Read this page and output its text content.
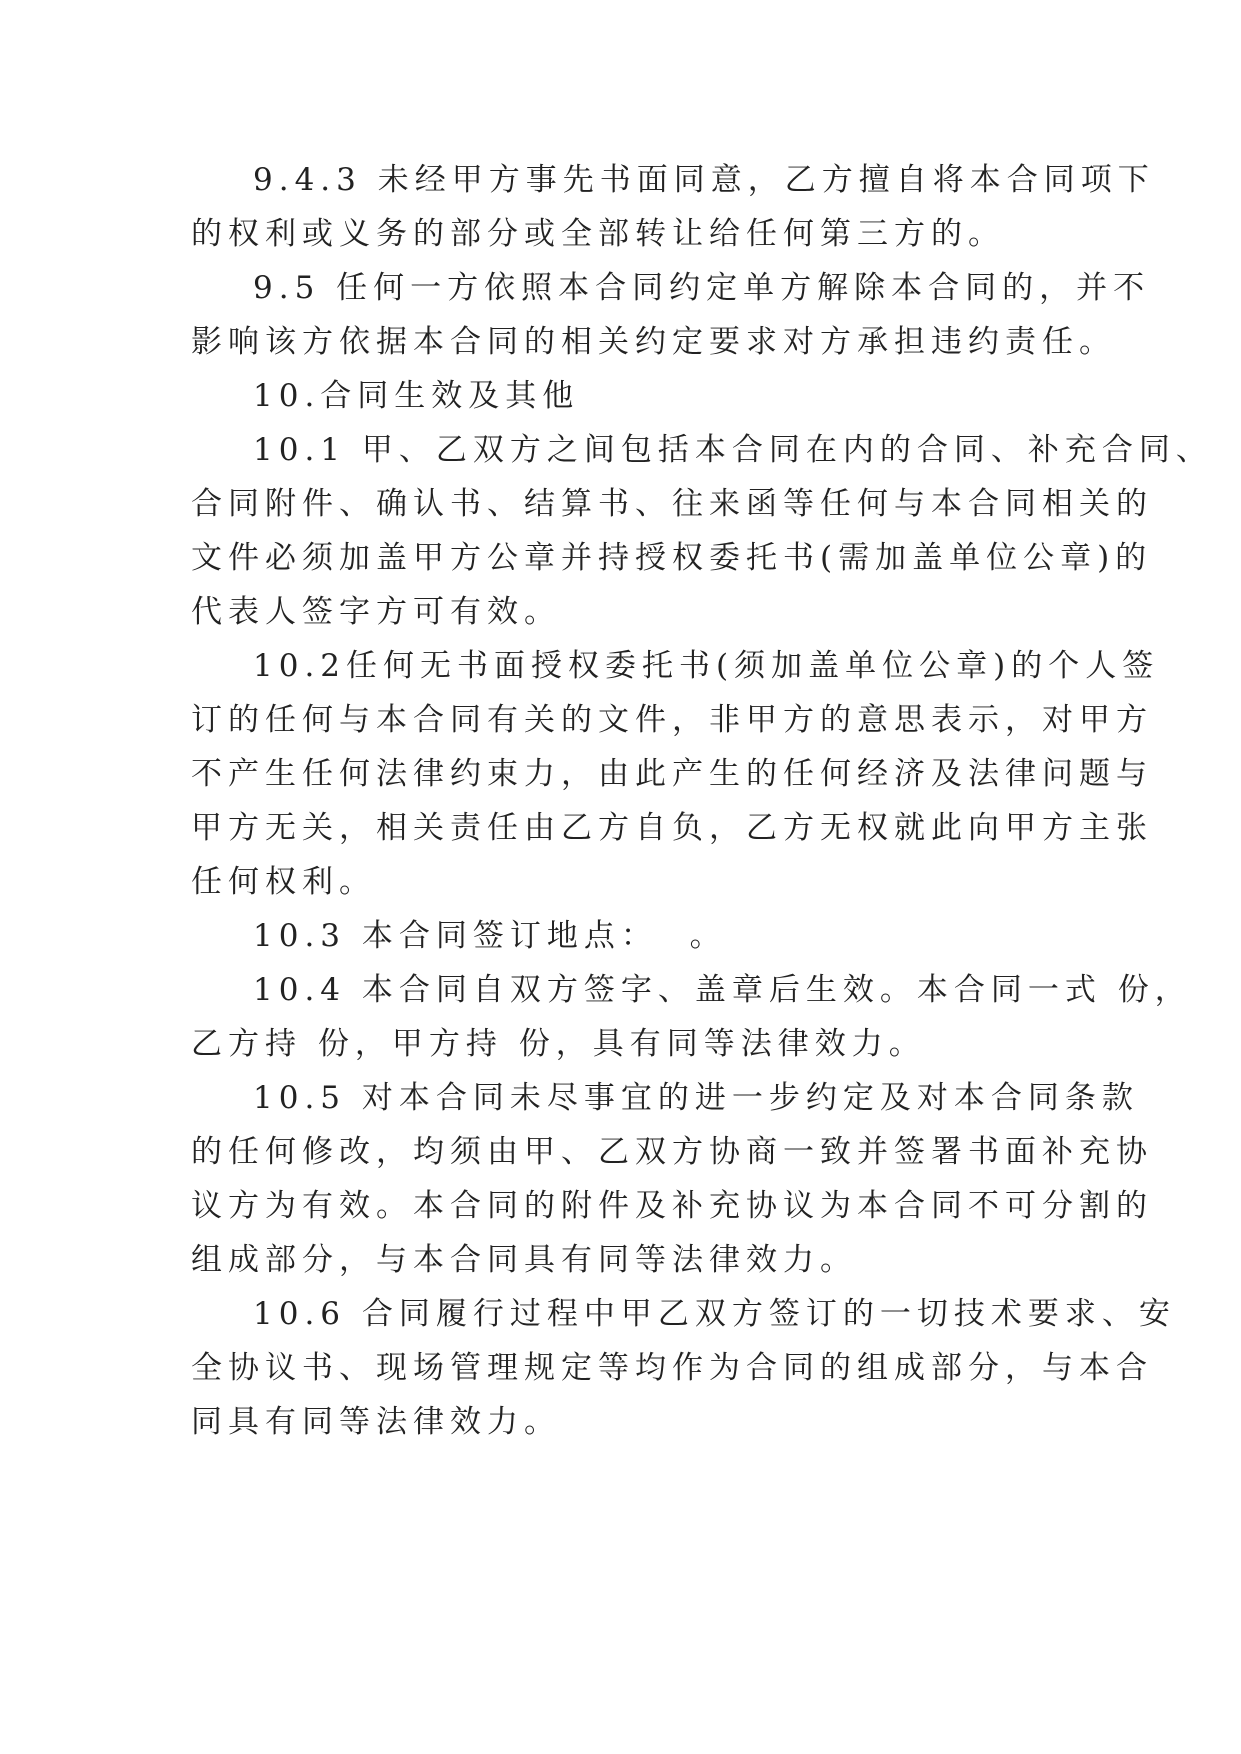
9.4.3 未经甲方事先书面同意，乙方擅自将本合同项下
的权利或义务的部分或全部转让给任何第三方的。
9.5 任何一方依照本合同约定单方解除本合同的，并不
影响该方依据本合同的相关约定要求对方承担违约责任。
10.合同生效及其他
10.1 甲、乙双方之间包括本合同在内的合同、补充合同、
合同附件、确认书、结算书、往来函等任何与本合同相关的
文件必须加盖甲方公章并持授权委托书(需加盖单位公章)的
代表人签字方可有效。
10.2任何无书面授权委托书(须加盖单位公章)的个人签
订的任何与本合同有关的文件，非甲方的意思表示，对甲方
不产生任何法律约束力，由此产生的任何经济及法律问题与
甲方无关，相关责任由乙方自负，乙方无权就此向甲方主张
任何权利。
10.3 本合同签订地点：  。
10.4 本合同自双方签字、盖章后生效。本合同一式 份，
乙方持 份，甲方持 份，具有同等法律效力。
10.5 对本合同未尽事宜的进一步约定及对本合同条款
的任何修改，均须由甲、乙双方协商一致并签署书面补充协
议方为有效。本合同的附件及补充协议为本合同不可分割的
组成部分，与本合同具有同等法律效力。
10.6 合同履行过程中甲乙双方签订的一切技术要求、安
全协议书、现场管理规定等均作为合同的组成部分，与本合
同具有同等法律效力。
